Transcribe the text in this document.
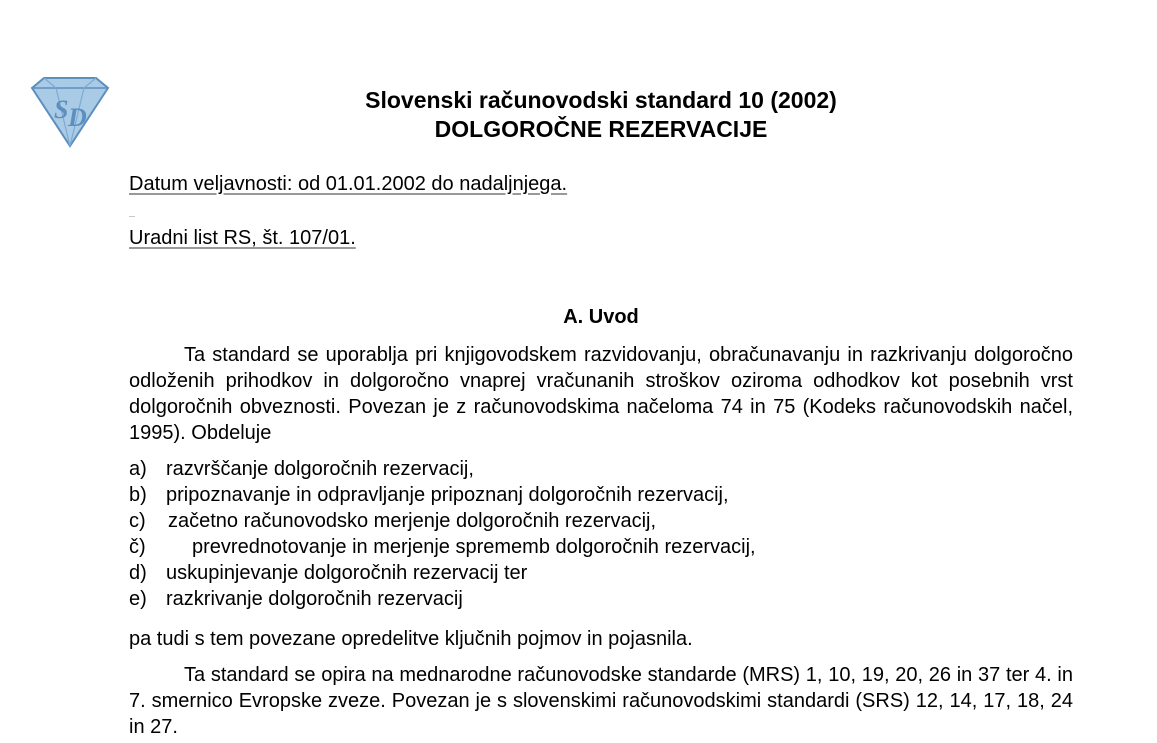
S D
Slovenski računovodski standard 10 (2002)
DOLGOROČNE REZERVACIJE
Datum veljavnosti: od 01.01.2002 do nadaljnjega.
Uradni list RS, št. 107/01.
A. Uvod

Ta standard se uporablja pri knjigovodskem razvidovanju, obračunavanju in razkrivanju dolgoročno odloženih prihodkov in dolgoročno vnaprej vračunanih stroškov oziroma odhodkov kot posebnih vrst dolgoročnih obveznosti. Povezan je z računovodskima načeloma 74 in 75 (Kodeks računovodskih načel, 1995). Obdeluje

a) razvrščanje dolgoročnih rezervacij,
b) pripoznavanje in odpravljanje pripoznanj dolgoročnih rezervacij,
c) začetno računovodsko merjenje dolgoročnih rezervacij,
č) prevrednotovanje in merjenje sprememb dolgoročnih rezervacij,
d) uskupinjevanje dolgoročnih rezervacij ter
e) razkrivanje dolgoročnih rezervacij

pa tudi s tem povezane opredelitve ključnih pojmov in pojasnila.

Ta standard se opira na mednarodne računovodske standarde (MRS) 1, 10, 19, 20, 26 in 37 ter 4. in 7. smernico Evropske zveze. Povezan je s slovenskimi računovodskimi standardi (SRS) 12, 14, 17, 18, 24 in 27.
